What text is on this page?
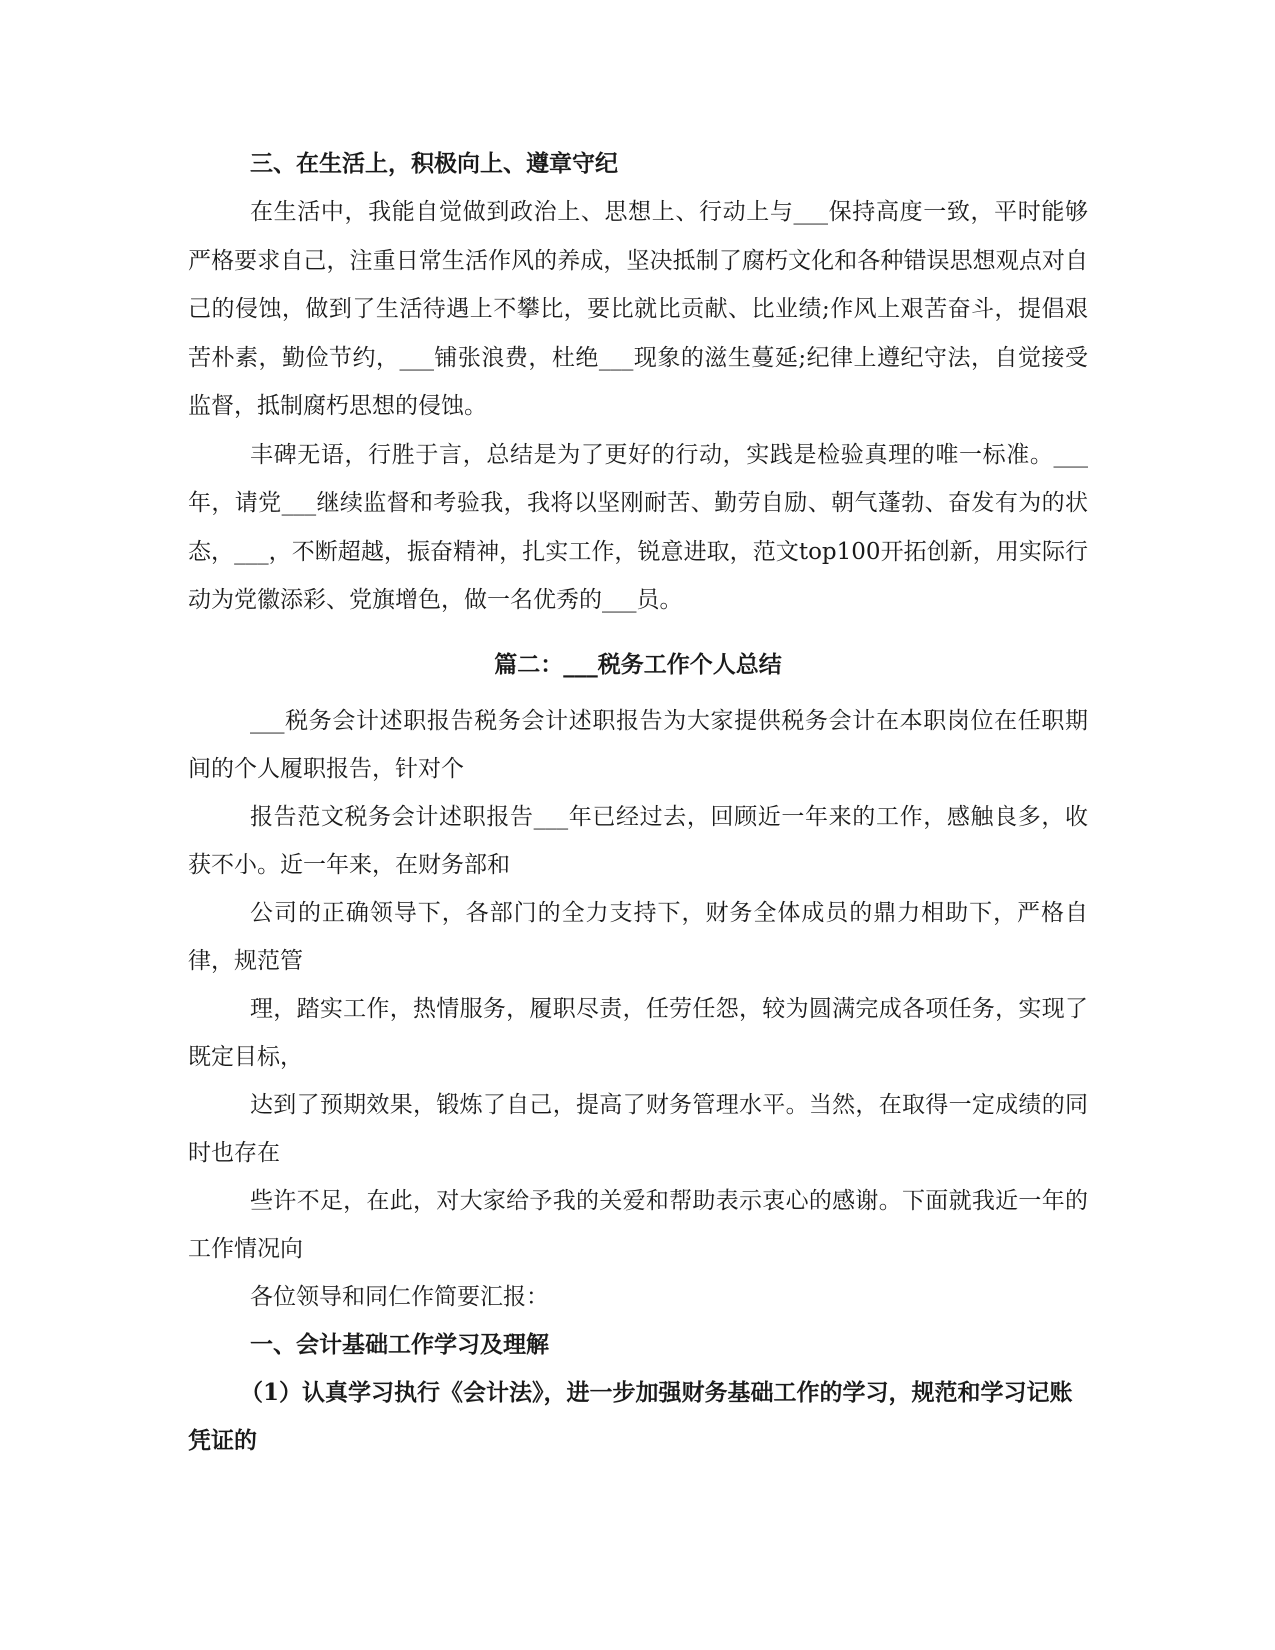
三、在生活上，积极向上、遵章守纪

在生活中，我能自觉做到政治上、思想上、行动上与___保持高度一致，平时能够严格要求自己，注重日常生活作风的养成，坚决抵制了腐朽文化和各种错误思想观点对自己的侵蚀，做到了生活待遇上不攀比，要比就比贡献、比业绩;作风上艰苦奋斗，提倡艰苦朴素，勤俭节约，___铺张浪费，杜绝___现象的滋生蔓延;纪律上遵纪守法，自觉接受监督，抵制腐朽思想的侵蚀。

丰碑无语，行胜于言，总结是为了更好的行动，实践是检验真理的唯一标准。___年，请党___继续监督和考验我，我将以坚刚耐苦、勤劳自励、朝气蓬勃、奋发有为的状态，___，不断超越，振奋精神，扎实工作，锐意进取，范文top100开拓创新，用实际行动为党徽添彩、党旗增色，做一名优秀的___员。

篇二：___税务工作个人总结

___税务会计述职报告税务会计述职报告为大家提供税务会计在本职岗位在任职期间的个人履职报告，针对个

报告范文税务会计述职报告___年已经过去，回顾近一年来的工作，感触良多，收获不小。近一年来，在财务部和

公司的正确领导下，各部门的全力支持下，财务全体成员的鼎力相助下，严格自律，规范管

理，踏实工作，热情服务，履职尽责，任劳任怨，较为圆满完成各项任务，实现了既定目标，

达到了预期效果，锻炼了自己，提高了财务管理水平。当然，在取得一定成绩的同时也存在

些许不足，在此，对大家给予我的关爱和帮助表示衷心的感谢。下面就我近一年的工作情况向

各位领导和同仁作简要汇报：

一、会计基础工作学习及理解

（1）认真学习执行《会计法》，进一步加强财务基础工作的学习，规范和学习记账凭证的
